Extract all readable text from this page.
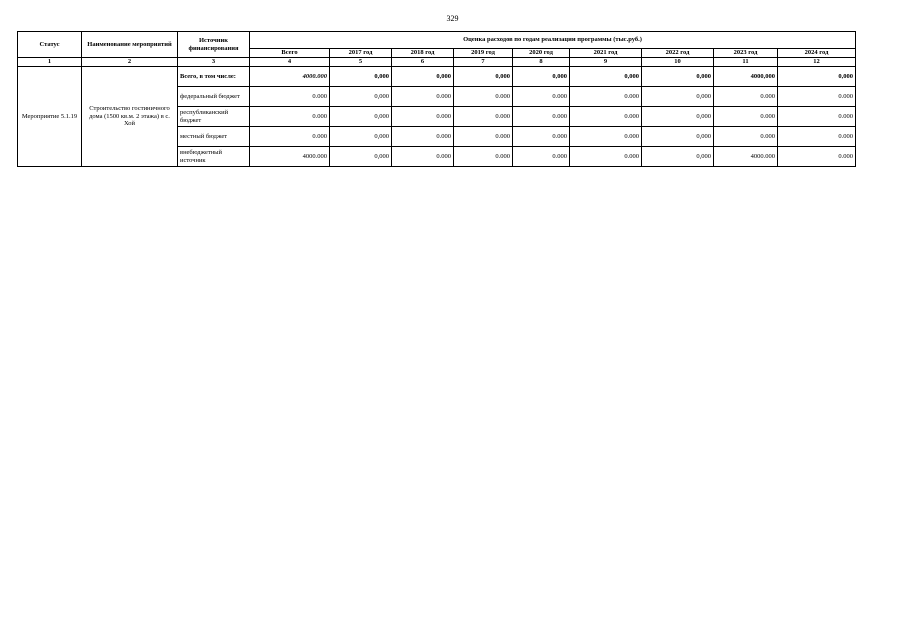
329
Статус	Наименование мероприятий	Источник финансирования	Оценка расходов по годам реализации программы (тыс.руб.)								
			Всего	2017 год	2018 год	2019 год	2020 год	2021 год	2022 год	2023 год	2024 год
1	2	3	4	5	6	7	8	9	10	11	12
Мероприятие 5.1.19	Строительство гостиничного дома (1500 кв.м. 2 этажа) в с. Хой	Всего, в том числе:	4000.000	0,000	0,000	0,000	0,000	0,000	0,000	4000,000	0,000
		федеральный бюджет	0.000	0,000	0.000	0.000	0.000	0.000	0,000	0.000	0.000
		республиканский бюджет	0.000	0,000	0.000	0.000	0.000	0.000	0,000	0.000	0.000
		местный бюджет	0.000	0,000	0.000	0.000	0.000	0.000	0,000	0.000	0.000
		внебюджетный источник	4000.000	0,000	0.000	0.000	0.000	0.000	0,000	4000.000	0.000
